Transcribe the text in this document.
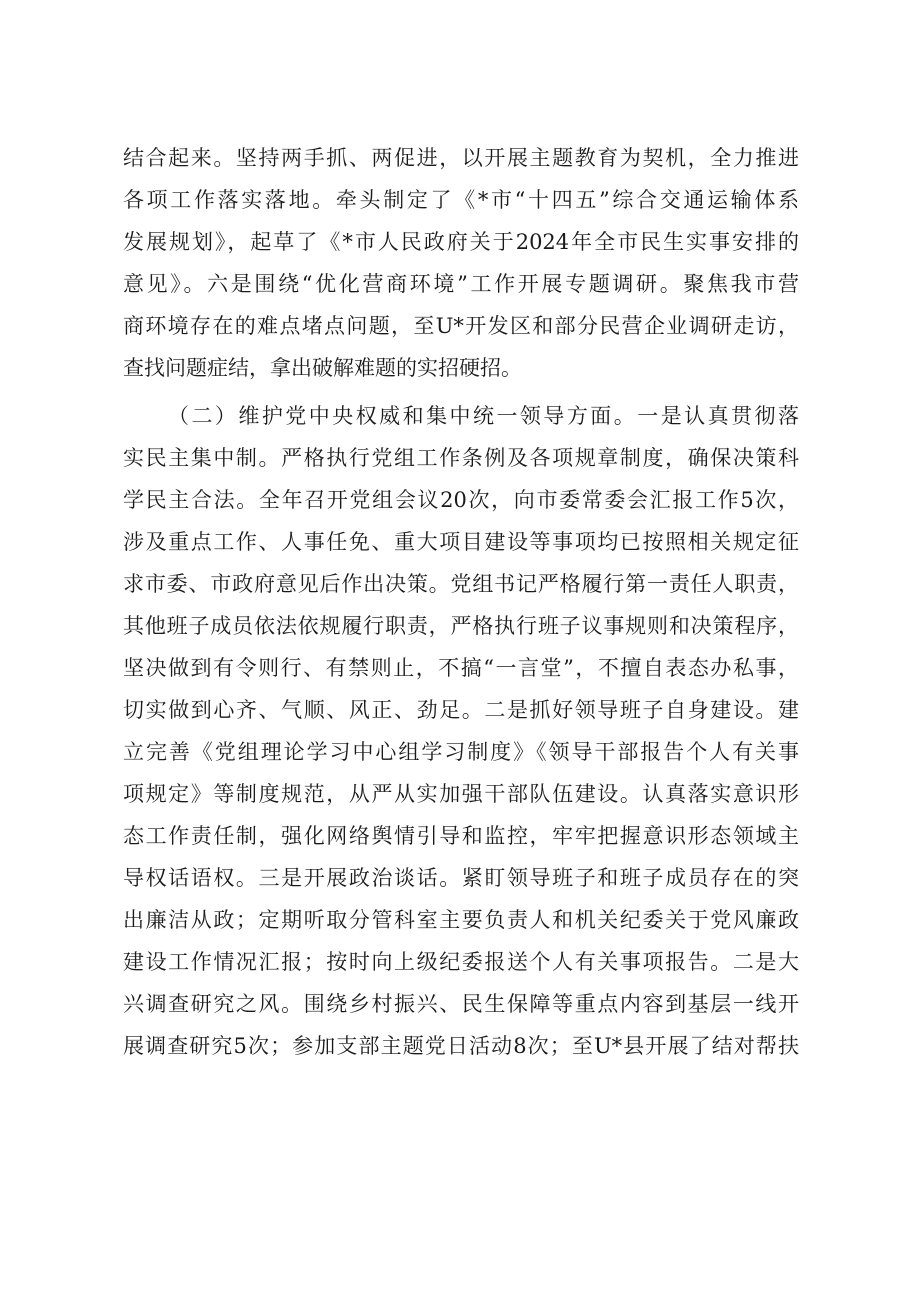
结合起来。坚持两手抓、两促进，以开展主题教育为契机，全力推进
各项工作落实落地。牵头制定了《*市“十四五”综合交通运输体系
发展规划》，起草了《*市人民政府关于2024年全市民生实事安排的
意见》。六是围绕“优化营商环境”工作开展专题调研。聚焦我市营
商环境存在的难点堵点问题，至U*开发区和部分民营企业调研走访，
查找问题症结，拿出破解难题的实招硬招。
（二）维护党中央权威和集中统一领导方面。一是认真贯彻落
实民主集中制。严格执行党组工作条例及各项规章制度，确保决策科
学民主合法。全年召开党组会议20次，向市委常委会汇报工作5次，
涉及重点工作、人事任免、重大项目建设等事项均已按照相关规定征
求市委、市政府意见后作出决策。党组书记严格履行第一责任人职责，
其他班子成员依法依规履行职责，严格执行班子议事规则和决策程序，
坚决做到有令则行、有禁则止，不搞“一言堂”，不擅自表态办私事，
切实做到心齐、气顺、风正、劲足。二是抓好领导班子自身建设。建
立完善《党组理论学习中心组学习制度》《领导干部报告个人有关事
项规定》等制度规范，从严从实加强干部队伍建设。认真落实意识形
态工作责任制，强化网络舆情引导和监控，牢牢把握意识形态领域主
导权话语权。三是开展政治谈话。紧盯领导班子和班子成员存在的突
出廉洁从政；定期听取分管科室主要负责人和机关纪委关于党风廉政
建设工作情况汇报；按时向上级纪委报送个人有关事项报告。二是大
兴调查研究之风。围绕乡村振兴、民生保障等重点内容到基层一线开
展调查研究5次；参加支部主题党日活动8次；至U*县开展了结对帮扶
